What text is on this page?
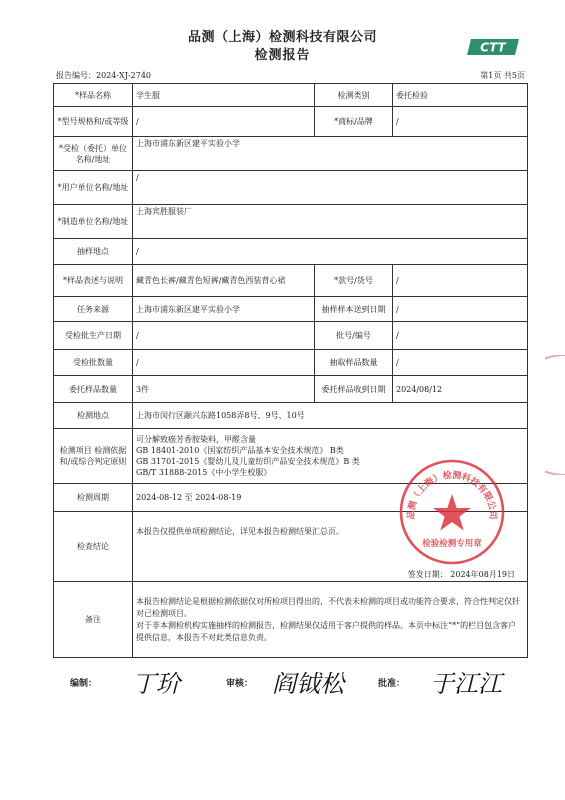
品测（上海）检测科技有限公司
检测报告
CTT
报告编号：2024-XJ-2740	第1页 共5页
*样品名称	学生服	检测类别	委托检验
*型号规格和/或等级	/	*商标/品牌	/
*受检（委托）单位名称/地址	上海市浦东新区建平实验小学		
*用户单位名称/地址	/		
*制造单位名称/地址	上海宾胜服装厂		
抽样地点	/		
*样品表述与说明	藏青色长裤/藏青色短裤/藏青色西装背心裙	*款号/货号	/
任务来源	上海市浦东新区建平实验小学	抽样样本送到日期	/
受检批生产日期	/	批号/编号	/
受检批数量	/	抽取样品数量	/
委托样品数量	3件	委托样品收到日期	2024/08/12
检测地点	上海市闵行区颛兴东路1058弄8号、9号、10号		
检测项目 检测依据和/或综合判定原则	可分解致癌芳香胺染料，甲醛含量
GB 18401-2010《国家纺织产品基本安全技术规范》 B类
GB 31701-2015《婴幼儿及儿童纺织产品安全技术规范》B 类
GB/T 31888-2015《中小学生校服》		

检测周期	2024-08-12 至 2024-08-19		
检查结论	本报告仅提供单项检测结论，详见本报告检测结果汇总页。
签发日期： 2024年08月19日		

备注	本报告检测结论是根据检测依据仅对所检项目得出的，不代表未检测的项目或功能符合要求，符合性判定仅针对已检测项目。
对于非本测检机构实施抽样的检测报告，检测结果仅适用于客户提供的样品。本页中标注“*”的栏目包含客户提供信息，本报告不对此类信息负责。		
品测（上海）检测科技有限公司
检验检测专用章
编制： 丁玠	审核： 阎钺松	批准： 于江江
